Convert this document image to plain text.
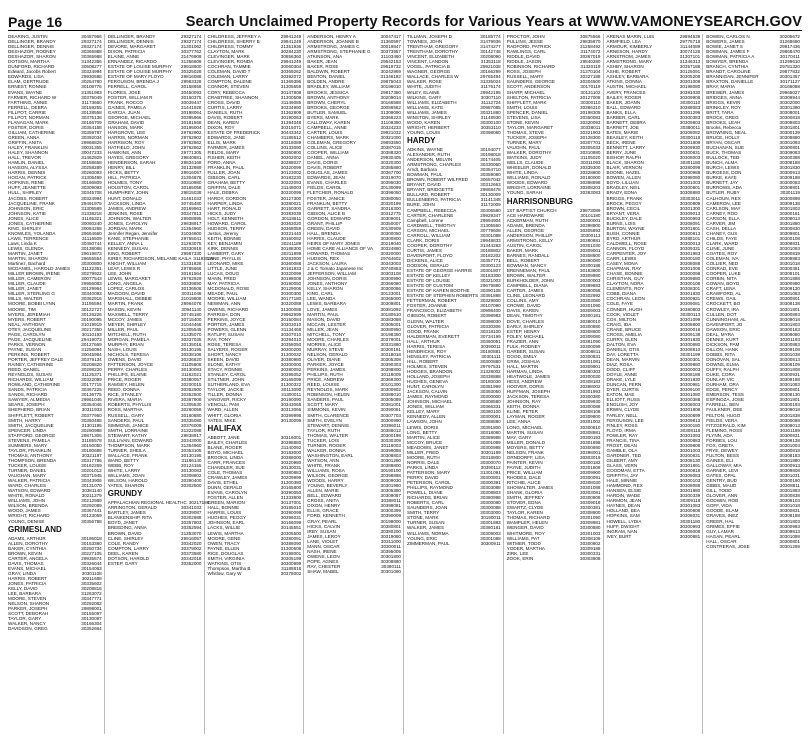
Page 16	Search Unclaimed Property Records for Various Years at WWW.VAMONEYSEARCH.GOV
DEARING, JUSTIN	30487966
DELLINGER, BRANDY	29327174
DELLINGER, DENNIS	29327174
DESHAZOR, RODNEY	30365988
DESHAZOR, SHARON	30365988
DOTSON, MARTHA	31342366
DUNFORD, RICHARD	30508277
Edward, Jacobs Robert	30324994
EDWARDS, LISA	29930598
ELAM, GERTRUDE	30254780
ERNEST, RONNIE	30108776
EVANS, WAYNE	31351983
FARMER, RICHARD W	30375049
FARTHING, ANNIE	31173660
FERRELL, DEBRA	30159255
FILLPOT, CARRIE	30128558
FILLPOT, NORMAN	30375138
FLANAGAN, MARK	30166709
FOSTER, DORIS	30354168
GILLIAM, CATHERINE	30359787
GREEN, ANNA	30392034
GRIFFIN, ANITA	29968829
HALEY, FRANKLIN	30031355
HALEY, SHANNON	30047233
HALL, TREVOR	31462929
HAMLIN, DANIEL	30158658
HANSON, ALYSSA	30258289
HARRIS, DENNIS	30260093
HOGAN, PATRICK	31305499
HOPKINS, RENE	30166809
HUFF, JEANETTE	30309093
HULL, SHIRLEY	30345708
JACOBS, ROBERT	30324994
JACQUELINE, FRANK	29491979
JOHNSON, ERIC	31305589
JOHNSON, KATIE	31338218
JONES, ALICE	31165321
JONES, CATHERINE	30060240
KING, SHIRLEY	30084268
KNOWLES, YOLANDA	29664660
LAWS, TERRENCE	31116509
Laws, Linda K	30450744
LEWIS, GLENDA	30138088
MARTIN, JANET	29619873
MARTIN, SHARON	29655554
Martinez, Bachard	30300800
MCDANIEL, HAROLD JAMES	31122351
MILLER BROWN, IRENE	30279922
MILLER, CAMERON	30077543
MILLER, CLAUDE	29956083
MILLER, JANET	30129964
MILLER, STERLING G	30340093
MILLS, WALTER	30362916
MOORE, BOBBI LYNN	31195594
MOORE, TIM	30122727
MYERS, JEREMIAH	30126226
MYERS, ROBERT	30190095
NEAL, ANTHONY	31019919
OTEY, JACQUELINE	30217350
PAGE, CAROLYN	30110193
PAGE, JACQUELINE	29419073
PARKS, VERNON	30127669
PAYNE, SUSAN	31256094
PERKINS, ROBERT	30045994
PORTER, JEFFREY DALE	30379134
RAINEY, CATHERINE	30208820
REED, DANIEL	30298220
REYNOLDS, SUSAN	31125371
RICHARDS, WILLIAM	30322099
ROWLAND, CATHERINE	30177715
SANDS, PATRICIA	30367225
SANDS, RICHARD	30136775
SAWYER, ALMEDIA	29961046
SEARS, JOSEPH	30354046
SHEPHERD, BRIAN	30311933
SHIFFLETT, ROBERT	30377950
SMITH, HARRY	30350488
SMITH, JACQUELINE	31301195
SPENCER, LINDA	30290988
STAFFORD, GEORGE	29871306
STEVENS, PAMELA	31185578
SUMMERS, MARY	30150050
TAYLOR, FRANKLIN	30190688
THOMAS, ANTHONY	30321197
THOMPSON, BRENDA	30317786
TUCKER, LOUISE	30162269
TURNER, DANIEL	30201012
VAUGHAN, MARY	30371945
WALKER, PATRICIA	30343906
WARD, CHARLES	30131070
WATSON, EDWARD	30381140
WHITE, RONALD	30211279
WILLIAMS, JOHN	30212989
WILSON, BRENDA	30292089
WOOD, JAMES	30367441
WRIGHT, RICHARD	30123059
YOUNG, DENISE	30356788
GRIMESLAND
ADAMS, ARTHUR	30186018
ALLEN, DOROTHY	30153380
BAKER, CYNTHIA	30250734
BROWN, KEVIN	30227105
CARTER, ANGELA	29935574
DAVIS, THOMAS	30326044
EVANS, MICHAEL	30154063
GRAY, LINDA	30301108
HARRIS, ROBERT	30211688
JONES, PATRICIA	30335602
KELLY, DAVID	30208816
LEE, BARBARA	31263072
MOORE, STEVEN	30347771
NELSON, SHARON	30292062
PARKER, JOSEPH	29898001
SCOTT, DEBORAH	30155097
TAYLOR, GARY	30130097
WALKER, NANCY	30166304
DAVIDSON, GREG	30352664
DELLINGER, BRANDY	29327174
DELLINGER, DENNIS	29327174
DEVORE, MARGARET	31301062
DIXON, PATRICIA	30377762
ELAINE, ANNE	31476909
ERNANDEZ, RICARDO	31356609
ESTATE OF LOUISE MURPHY 29918600
ESTATE OF LOUISE MURPHY 30325028
ESTATE OF MARY FLOYD	29816088
FERGUSON, BRENDA J	29963328
FERRELL, CAROL	30158658
FLORES, JOSE	30450093
FOSTER, WILLIAM R	30150375
FRANK, ROCCO	30039447
GAINES, PAMELA	31441928
GARCIA, JUAN	30198064
GEORGE, MICHAEL	30395966
GRAHAM, DAVID	30181568
HANSON, MARK	30195004
HARGROVE, LEE	29762902
HARRIS, NORMAN	29762902
HARRISON, ROY	29762862
HATFIELD, JOHN	29762862
HAWKINS, ANN	29771305
HAYES, GREGORY	29840881
HENDERSON, SARAH	29834168
HENRY, BILL	30132989
HICKS, BETTY	29916057
HILL, PATRICIA	31304878
HOLMES, TONY	30310980
HOUSTON, CAROL	30165058
HUMPHREY, JOHN	29815038
HUNT, DONALD	31461033
JACKSON, LINDA	30745480
JAMES, ANDREW	30169963
JENKINS, ROSE	30347813
JOHNSON, WALTER	29908995
JONES, CAROLYN	29838917
JORDAN, MARK	31354960
Jennifer Regan, Jennifer	31034600
KANE, STEPHANIE	29755041
KELLEY, ANNA L	31263075
KENNEDY, SUSAN	30330918
KING, ROBERT	29967330
KIRBY, RICHARDSON, MELANIE KAILA 31193039
KNIGHT, WILLIAM	31331828
LEAF, LEWIS R	29785666
LEE, JOHN	30161564
LEWIS, MARGARET	29762929
LONG, ANGELA	30339690
LOPEZ, CARLOS	30136508
MAGOON, DAVID	30311048
MARSHALL, DEBBIE	31019808
MARTIN, FRANK	29964076
MASON, KEVIN	30941140
MAXWELL, TERRY	30745180
MCCOY, JAMES	30715400
MEYER, SHIRLEY	31044468
MILLER, PAUL	31305545
MITCHELL, RUTH	31335070
MORGAN, PAMELA	30337035
MURPHY, BRIAN	30135016
NASH, LOUIS	30130195
NICHOLS, TERESA	30338108
OWENS, DAVID	30336820
PATTERSON, JOYCE	31105808
PERRY, CHARLES	30130083
PHILLIPS, ELAINE	31162021
PRICE, ROGER	30380057
RAMSEY, HELEN	30200015
REED, DONNA	30352500
RICE, STANLEY	30352500
RIVERA, MARIA	30367908
ROBERTS, PHYLLIS	31305530
ROSS, MARTHA	30260058
RUSSELL, GARY	30160880
SANDERS, PAUL	30335080
SIMMONS, JANICE	30376009
SMITH, LORRAINE	31322088
STEWART, KATHY	29838917
SULLIVAN, EDWARD	30343000
THOMPSON, MARK	31354960
TURNER, SHEILA	30353105
WALLACE, FRANK	30130195
WARD, BETTY	31166140
WEBB, ROY	30124155
WHITE, LARRY	30130083
WILLIAMS, JOAN	30308802
WILSON, HAROLD	30390400
YATES, SHARON	30302500
GRUNDY
APPALACHIAN REGIONAL HEALTHC 30217188
ARRINGTON, GERALD	30341033
BARTLEY, JAMES	30339087
BLANKENSHIP, RITA	30302988
BOYD, JANET	30357803
BREEDING, ANNA	30352594
BROWN, DAVID	31353070
CLINE, SHIRLEY	29916057
COLE, RANDY	30342020
COMPTON, LARRY	30379002
DEEL, KAREN	30373580
DOTSON, HAROLD	30342018
ESTEP, GARY	30352000
CHILDRESS, JEFFREY A	29941249
CHILDRESS, SHERRY B	29941249
CHILDRESS, TOMMY	31351936
CLAYTON, MARK	30284230
CLEVINGER, MARK	30856360
CLEVINGER, RONDA	29941249
COCHRAN, TAMMIE	30060304
COLEMAN, DAVID T	30369262
COLEMAN, LARRY	30392072
COMPTON, DALENE	31369396
CONNOR, STEVEN	31305559
CORY, REBECCA	30147808
CRABTREE, SHANNON	31300509
CROSS, DAVID	31149085
CURTIS, LARRY	30334990
DANIELS, RUTH	31362809
DAVIS, ROBERT	30190063
DEAN, KAREN	31394048
DIXON, ROY	30315071
ESTATE OF FREDERICK	30443342
EDWARDS, JANE	31185512
ELLIS, MARK	30318089
FARMER, JAMES	30133090
FIELDS, MARY	30350800
FISHER, KEITH	30302002
FORD, ANNA	30388027
FRANKLIN, PAUL	30320099
FULLER, JOAN	30123002
GIBSON, CARL	30183230
GRAHAM, BETTY	30322093
GRIFFIN, DALE	31148003
HALE, DEBRA	30320099
HARDY, GORDON	30127300
HARPER, LINDA	30380021
HART, RONALD	30150300
HICKS, JUDY	30383039
HOLT, KENNETH	30118811
HOWARD, CAROL	30363020
HUDSON, TERRY	30368059
Justus, Jeremy	30321440
KEITH, BONNIE	30150092
KEY, BENJAMIN	30241189
KIRK, DENNIS	30188300
LAMBERT, GARY	30211899
LANE, PHYLLIS	30283000
LEONARD, MIKE	30360088
LITTLE, JUNE	30181833
LUCAS, DOUG	30320099
MANN, FRED	30198008
MAY, PATRICIA	30190050
MCDONALD, ROSE	30129006
MEADE, PAUL	30300300
MOORE, WILLIAM	30177180
NEWMAN, ANN	30320088
OWENS, RICHARD	31300088
PARRISH, DON	29962999
PERKINS, JOYCE	30150084
PORTER, JAMES	30303010
POWERS, GLENN	31134468
RATLIFF, SUSAN	30307010
RAY, TONY	30394010
ROSE, TERESA	30358050
SALYERS, ROGER	30300200
SHORT, NANCY	31300032
SKEEN, DAVID	30380980
SLONE, KATHY	30300000
STACY, RONNIE	30380092
STANLEY, CAROL	30395052
STILTNER, JOHN	30165099
SUTHERLAND, EVA	31300322
TAYLOR, JACKIE	30113090
TILLER, DONNA	31300011
VANOVER, RICKY	30190090
VENCILL, PAM	30343066
WARD, ALLEN	30313066
WHITT, GLORIA	30399998
YATES, MIKE	30130099
HALIFAX
ABBOTT, JANE	30316001
BAILEY, CHARLES	30398880
BLANE, ROGER	31140092
BOYD, MICHAEL	30183000
BROOKS, LINDA	30388000
CARR, FRANCES	30320980
CHANDLER, SUE	30130031
COLE, THOMAS	30380883
CRAWLEY, JAMES	30209999
DAVIS, ETHEL	31300380
DUNN, GERALD	30165800
EVANS, CAROLYN	30390050
FOSTER, ALLEN	31333800
GREEN, MARION	30137001
HALL, BONNIE	30185010
HARRIS, LOUIS	30390099
HUGHES, PEGGY	30396031
JOHNSON, EARL	30166099
LACKS, WILLIE	30145551
LEWIS, MARTHA	30305500
MOORE, GENE	30380091
OWEN, TRACY	30388090
PAYNE, ELLEN	31300508
RICE, DOUGLAS	30198001
SMITH, VIRGINIA	30305199
WATKINS, OTIS	30300999
Thompson, Martha B	31188818
Whitlow, Gary W	30378002
ANDERSON, HENRY A	30047417
ANDERSON, JOANNE B	31360597
ARMSTRONG, JAMES C	30019847
ARMSTRONG, STEPHANIE G 30373957
ATKINSON, ANA	31103460
BAKER, JEAN	29542153
BAKER, ROSE	29619732
BALDWIN, ROBERT	30242969
BENTON, DANIEL	31346182
BOLDEN, ANDRE	29875043
BRADLEY, WILLIAM	30196010
BROOKS, JESSICA	29817380
BROWN, ANTHONY	30209014
BROWN, CHERYL	30166588
BROOKS, GEORGE	30086562
BUTLER, SAMUEL	31309090
BYERS, MARK	30366223
CALLOWAY, KAREN	31109380
CAMPBELL, ANNE	30324233
CARTER, LOUIS	29921032
CHAMBERS, MARK	30321000
COLEMAN, GREGORY	29893550
COLLINS, ALICE	30387015
COOPER, WILLIAM	30388320
DANIEL, ANNA	29930405
DAVIS, DORIS	30320300
DAVIS, ROBERT	30385880
DOUGLAS, JAMES	30367700
EDWARDS, JEAN	30319070
EVANS, CHARLES	30395030
FIELDS, CAROL	30130099
FLETCHER, RONALD	30396050
FOSTER, JANICE	30380050
FRANKLIN, BETTY	30320199
GARRETT, SANDRA	30316300
GIBSON, ALICE B	30312775
GORDON, EDWARD	30309001
GRANT, PHILLIP	30350007
GREEN, DAVID	30130909
HALL, BRENDA	30300050
HARRIS, CLAUDE	30300800
HEIRS OF MARY JONES	30218040
HOME CARE ALLIANCE OF VA 30324880
HOWARD, THOMAS	30320000
HUDSON, REX	29764602
JACKSON, LAURA	30343003
J & C Tomato Japanese Inc	30740853
JEFFERSON, WILLIAM	30303108
JOHNSON, DORIS	30300990
JONES, ANTHONY	30366080
KELLY, SHARON	30300086
KING, CARL	30123001
LEE, WANDA	30365000
LEWIS, BARBARA	30309801
LOVE, JAMES	30381092
MARTIN, PAUL	30180510
MASON, DAVID	30383088
MCCAIN, LESTER	30305001
MILLER, JEAN	30380950
MITCHELL, TONY	30198350
MOORE, CHARLES	30378001
MORRIS, ALICE	30331880
MURRAY, STEVE	30300191
NELSON, GERALD	30318018
OLIVER, DIANE	30305308
PARKER, JOYCE	30390303
PERKINS, JAMES	30398800
PHILLIPS, RUTH	30118009
PRICE, ANDREW	30369300
REED, LOUISE	30101300
REYNOLDS, MARK	30300902
ROBINSON, HELEN	30388010
SANDERS, PAUL	30305089
SCOTT, MARY	30381001
SIMMONS, KEVIN	30390081
SMITH, CLARENCE	30307703
SMITH, EVELYN	30300990
STEWART, DENNIS	30396011
TAYLOR, RUTH	30388012
THOMAS, WALTER	30300198
TUCKER, LOIS	30330309
TURNER, ROGER	30118003
WALKER, DONNA	30399088
WASHINGTON, EARL	30308803
WATSON, ANN	30301280
WHITE, FRANK	30388800
WILLIAMS, ROSA	30190100
WILSON, GEORGE	30398898
WOODS, HARRY	30309030
YOUNG, BEVERLY	30301980
ALLEN, MARIE	30305380
BELL, EDWARD	30309087
CROSS, ANITA	30388011
DIXON, HENRY	30398081
ELLIS, GRACE	30300399
FORD, KENNETH	30390009
GRAY, PEARL	30198000
HICKS, CALVIN	30380801
IRBY, SUSAN	30380200
JAMES, LEROY	30319080
LANE, VIOLET	30311000
MANN, OSCAR	30300011
NASH, IRENE	30395005
OWENS, LEON	30301800
POPE, AGNES	30308880
RAY, CHESTER	30380111
SHAW, MABEL	30301090
TILLMAN, JOSEPH D	30185774
TOWNES, JOHN	31479936
TRENTHAM, GREGORY	31474277
TRENTHAM, DOROTHY	30142748
VINCENT, ELIZABETH	30208090
VINCENT, LANDON	31353118
VOGEL, PATRICIA B	29921038
WAGNER, GEORGE	30166299
WALLACE, CHARLES W	29765494
WALKER, ROSE	31335024
WHITE, JUDITH	31175174
WILEY, ELAINE	29942195
WILKINS, GARY	30307110
WILLIAMS, ELIZABETH	31112724
WILLIAMS, KATE	30987085
WILLIAMS, JAMES	30321880
WINSTON, SHIRLEY	31148930
WOOD, KAREN	30300100
WRIGHT, HERBERT	30353110
YOUNG, LOUIS	30398080
HARDY
ADKINS, WAYNE	30194077
ALEXANDER, RUTH	30198018
ANDERSON, MELVIN	30174405
ARMSTRONG, CHARLES	30330060
Arndt, Barbara	30354710
BOWMAN, PAUL	30359080
BROWN, ROBERT WILFRED	30657042
BRYANT, DAVID	30312663
BRYANT, BRIDGETTE	29868478
BULLARD, ROBERT	30130009
BULLENBERG, PATRICIA	31141348
BURE, JOHN	31172009
CAMPBELL, REBECCA	30306580
CARTER, CHARLENE	29929347
Campbell, Lorene	29994904
CARDWELL, TIMOTHY	31305560
CARSON, MICHAEL	30779608
CARROLL, WILLIAM	30301088
CLARK, DORIS	29948833
COOPER, DOROTHY	31344283
CURTIS, JAMES	30188802
DAVENPORT, FLOYD	30182202
DICKENS, ALICE	30357771
DODSON, GERALD	30300123
ESTATE OF GEORGE HARRIS 30301807
ESTATE OF KELLEY	30183300
ESTATE OF LOUISE	30321003
ESTATE OF CUSTOM	29679880
ESTATE OF KAREN BOOTHE 30390108
ESTATE OF STEPHEN ROBERTS 30391888
FETTERMAN, ROBERT	30329800
FOSTER, JOANNE	30107090
FRANCISCO, ELIZABETH	30998400
GIBSON, ROBERT	30398983
GLENN, WALTER	30398030
GLOVER, PATRICIA	30330306
GOOD, FRANK	30318100
HALDERMAN, EVERETT	30734199
HALL, ARTHUR	30360051
HARRIS, TERESA	30390011
HENDRICKS, ROY	30180881
HENSLEY, PATRICIA	30301111
HILL, ROBERT	30300880
HOLMES, STEVEN	29797531
HODGES, BRANDON	31328002
HOLLAND, JOSEPH	30338888
HUGHES, GENEVA	30180030
HUNT, CAROLYN	30381999
JACKSON, CALVIN	30393050
JAMES, RAYMOND	30300000
JOHNSON, MICHAEL	30308580
JONES, WILLIAM	30366331
KELLEY, MARY	30380100
KENNEDY, ALLEN	30300001
LAWSON, JOHN	30388880
LEWIS, DORIS	30391800
LONG, BETTY	30318080
MARTIN, ALICE	30389988
MCCOY, BRUCE	30301099
MEADOWS, JANET	30300988
MILLER, FRED	30301199
MOORE, RUTH	30318800
NORRIS, DALE	30300070
PARKS, LINDA	30390112
PATTERSON, MARY	31301091
PERRY, DAVID	30300801
PETERSON, CAROL	30300391
PHILLIPS, RAYMOND	30303088
POWELL, DIANE	30308803
RICHARDS, BRIAN	30380998
ROBERTS, CARL	30300080
SAUNDERS, JOAN	30300088
SMITH, TERRY	30303000
STONE, MARK	30190011
TURNER, SUSAN	30301883
WALKER, JAMES	30380181
WILLIAMS, NORMA	30309003
YOUNG, ERIC	30301088
ZIMMERMAN, PAUL	30300911
PROCTOR, JOHN	30875566
PULLINS, JESSE	29835870
RADFORD, PATRICK	31258492
RAWLINGS, CARL	31174072
RIDDLE, DAVID	30367019
RIDDLE, JASON	29840280
ROBINSON, RICHARD	31320119
ROSS, JOSEPH	31370104
RUSSELL, MARY	30327188
SAUNDERS, GEORGE	30304500
SCOTT, ANDERSON	30170119
SHARP, MICHAEL	30131102
SHELTON, PATRICIA	30127008
SHIFFLETT, MARK	30300110
SMITH, LOUIS	30366310
SPENCER, DANIEL	30198305
STEVENS, LISA	30350083
STONE, KEVIN	30320093
TAYLOR, MARGARET	30338011
THOMAS, STEVE	30321903
TUCKER, JOSEPH	30128300
TURNER, MARY	30307701
VAUGHN, PAUL	30305033
WALKER, DOROTHY	30310880
WATKINS, JUDY	31105020
WELLS, CLAUDE	30311093
WHEELER, DONALD	30339300
WHITE, LINDA	30328800
WILLIAMS, RONALD	30180000
WOODS, EDWARD	30398898
WRIGHT, LORRAINE	30308203
YOUNG, SARAH	30363083
HARRISONBURG
1ST BAPTIST CHURCH	29873089
ACE HARDWARE	30101180
ACKERMAN, RUTH	30300001
ADAMS, BRENDA	30398800
ALLEN, GEORGE	30305893
ANDERSON, PHILLIP	30300113
ARMSTRONG, KELLY	30380881
AUSTIN, CAROL	30301030
BAKER, MARK	30309001
BARNES, RANDALL	30308800
BELL, ROBERT	30390080
BOWMAN, NANCY	30300188
BRENNEMAN, PAUL	30183800
BROWN, WALTER	30309980
BURKHOLDER, JOHN	30300003
CAMPBELL, DIANA	30389883
CARTER, JAMES	30380058
CLINE, LEONARD	30302992
COLLINS, AMY	30303080
CROWE, DAVID	30301090
DAVIS, KAREN	30309003
DEAN, TIMOTHY	30300181
DOVE, CHARLES	30380010
EARLY, SHIRLEY	30300880
ESTEP, HENRY	30308800
FOLEY, MICHAEL	30309080
FRAZIER, ANN	30381090
FULK, RODNEY	30300099
GARBER, SUSAN	30308811
GOOD, EMILY	30300831
GRIM, JOSHUA	30301081
HALL, MARTIN	30309801
HARMAN, LINDA	30380303
HEATWOLE, JAMES	30300030
HESS, ANDREW	30308183
HOOVER, DORIS	30398002
HUFFMAN, JOSEPH	30301993
JACKSON, TERESA	30300380
JOHNSON, RAY	30309930
KEITH, DONNA	30300088
KLINE, PETER	30308108
LAYMAN, ROGER	30309800
LEE, ANNA	30301002
LONG, MICHAEL	30300810
MARTIN, SUSAN	30308881
MAY, GARY	30300193
MILLER, DONALD	30301898
MOYERS, BETTY	30300890
NELSON, FRANK	30398001
ORNDORFF, LISA	30303019
PAINTER, KEVIN	30300182
PAYNE, JUDITH	30301808
PRICE, WILLIAM	30309900
RHODES, DALE	30300091
RITCHIE, ALICE	30308030
SHOWALTER, JAMES	30301088
SHANK, GLORIA	30303081
SMITH, JEFFREY	30300808
STOVER, EDNA	30309018
SWARTZ, CLYDE	30300381
TAYLOR, KAREN	30308800
THOMAS, RICHARD	30301090
WAMPLER, HELEN	30309981
WENGER, DAVID	30300880
WHITMORE, ROY	30301003
WILLIAMS, PAT	30308109
WITMER, TODD	30300802
YODER, MARTHA	30309188
ZIRK, LEE	30300331
ZOOK, ERIN	30303808
ARENAS MARIN, LUIS	29894539
ARMFIELD, LEA	29775718
ARMOUR, KIMBERLY	31144089
ARNESON, HARDY	30074126
ARNSTROM, JAMES	31307101
ARMSTRONG, MARY	31346313
ASHBY, SHARON	30357188
ASHE, ROBERT	30125091
ASHLEY, BARBARA	30305208
ATKINS, DONNA	30301008
AUSTIN, MICHAEL	30198080
AVERY, FRANCES	30381030
BAILEY, ROGER	30309908
BAKER, JOANN	30300110
BALL, EDWARD	30388083
BANKS, ELLA	30301299
BARBER, CARL	30300383
BARNETT, DEBRA	30309803
BARRETT, JOE	30380011
BATES, MARIE	30308082
BEASLEY, KEITH	30300118
BECK, IRENE	30301808
BENNETT, LARRY	30309930
BERRY, JUNE	30300831
BISHOP, RALPH	30308003
BLACK, SHARON	30301180
BLAIR, VERNON	30380099
BOONE, HAZEL	30300988
BOWEN, ALLEN	30398080
BOYD, LILLIAN	30301003
BRADLEY, NEIL	30300801
BRADY, EDNA	30308880
BRIGGS, FRANK	30303011
BROCK, PEGGY	30300809
BROWN, CECIL	30301300
BRYANT, VERA	30309013
BUCKLEY, DALE	30300993
BURNS, LOIS	30308091
BURTON, WAYNE	30301801
BUSH, CONNIE	30300813
BYRD, ARTHUR	30388101
CALDWELL, ROSE	30300013
CANNON, FLOYD	30309331
CARPENTER, JOY	30301983
CARR, LEWIS	30300180
CASEY, MONA	30308088
CHAPMAN, RAY	30301008
CHASE, BONNIE	30300098
CHRISTIAN, GUY	30309880
CLAYTON, NORA	30300108
CLEMENTS, ROY	30308301
COBB, DIANA	30301830
COCHRAN, LEON	30300931
COLE, FAYE	30309081
CONNER, HUGH	30380803
COOK, VIOLET	30300113
COX, MILTON	30301099
CRAIG, IDA	30308800
CRANE, BRUCE	30300018
CROSS, AMELIA	30309138
CURRY, GLEN	30301830
DALTON, EVA	30300880
DANIELS, OTIS	30308810
DAY, LORETTA	30301199
DEAN, MARVIN	30300301
DIAZ, ROSA	30309880
DODD, CLIFF	30300003
DOYLE, ANNE	30308188
DRAKE, LYLE	30301830
DUNCAN, FERN	30300981
DYER, CURTIS	30309100
EATON, MAE	30301080
ELLIOTT, RUSS	30300388
ENGLISH, JOY	30308003
ERWIN, CLYDE	30301808
FARLEY, NELL	30300899
FERGUSON, LEE	30309813
FINLEY, ROSS	30300180
FLOYD, IRMA	30308118
FOWLER, RAY	30301093
FRANCIS, TINA	30300883
FROST, DEAN	30309808
GAMBLE, OLA	30301003
GARDNER, TED	30300831
GILBERT, AMY	30308130
GLASS, VERN	30301891
GOODMAN, ETTA	30300818
GRIFFITH, JAY	30309083
HALE, MINNIE	30300103
HAMMOND, REX	30308088
HANSEN, ELSIE	30301880
HARDIN, WADE	30300339
HARMON, JEAN	30309118
HAYNES, DEAN	30301083
HOLLAND, BEA	30300808
HOPKINS, SAM	30308031
HOWELL, LYDIA	30301180
HUFF, DWIGHT	30300993
INGRAM, NAN	30309008
IVEY, BURT	30300881
BOWEN, CARLOS N	30205672
BOWERS, JAMES	31268680
BOWIE, JANET S	29917436
BOWMAN, JAMES F	29868470
BOWMAN, PATRICIA A	30170411
BOWYER, BRENDA	31299610
BRANCH, CYNTHIA	29781320
BRANDT, CAROLINE	29877832
BRANNIGAN, JENNIFER	30301357
BRAXTON, DANIELLE	30171127
BRAY, MARIA	30166088
BREWER, JAMES	29965027
BRIDGES, ANNA	30309944
BRIGGS, KEVIN	30302000
BRINKLEY, ROY	30301380
BRITT, TARA	30308001
BROCK, GREG	30300818
BROOKS, LEAH	30309803
Brooks, Rebecca	30301801
BROWNING, NEAL	30300139
BRUCE, HOLLY	30308880
BRYAN, OSCAR	30301093
BUCHANAN, SUE	30300801
BUCK, THOMAS	30309083
BULLOCK, TED	30300388
BUNCH, ALMA	30308188
BURCH, LEWIS	30301830
BURGESS, DON	30300913
BURKE, KAYE	30309188
BURNETT, JAY	30300083
BURROWS, ADA	30308801
BUTLER, RUBY	30301119
CALHOUN, REX	30300898
CAMERON, LEE	30309138
CARLSON, MAY	30301803
CARNEY, ROD	30300181
CARSON, ELLA	30308013
CARVER, JIM	30301880
CASH, DELLA	30300830
CHANEY, GUS	30309801
CHILDS, FAYE	30300108
CLARK, WARD	30308831
CLINE, JUNE	30301093
COATES, ROY	30300819
COLEMAN, IVA	30309883
COLLIER, NED	30301018
CONRAD, EVE	30300381
COOPER, LUKE	30308101
CORBIN, NITA	30301888
COWAN, BOYD	30300980
CRAFT, LENA	30309130
CRAWFORD, AL	30301083
CREWS, GAIL	30300801
CROCKETT, BO	30308138
CROWLEY, IRA	30301801
CULLEN, DOT	30300893
CUNNINGHAM, AL	30309018
DAVENPORT, JO	30301803
DAWSON, ERIC	30300183
DEAL, MYRA	30308080
DENNIS, KURT	30301193
DICKSON, PAM	30300883
DILLON, HANK	30309108
DOBBS, RITA	30301038
DONOVAN, SAL	30300813
DOWNS, ELMA	30308109
DUFFY, RALPH	30301808
DUKE, CORA	30300931
DUNLAP, VIC	30309188
DURHAM, ORA	30301083
EDGE, PERCY	30300801
EMERSON, TESS	30308130
ESPINOZA, JOSE	30301801
FARRELL, BEN	30300193
FAULKNER, DEE	30309018
FELTON, HUGO	30301838
FIELDS, VERA	30300088
FITZGERALD, KIM	30308013
FLEMING, ROSS	30301189
FLYNN, ADA	30300831
FORBES, LOU	30309138
FOX, GRETA	30301003
FRYE, DEWEY	30300818
FULTON, BESS	30308183
GAINES, ELI	30301880
GALLOWAY, MIA	30300913
GARNER, LEVI	30309808
GATES, OPAL	30301031
GENTRY, BUD	30300180
GIBBS, MAUD	30308811
GILL, TODD	30301893
GLOVER, ANN	30300838
GODWIN, ROB	30309103
GOFF, VIDA	30301018
GOODE, ELAM	30300831
GRAVES, INEZ	30308188
GREER, HAL	30301803
GRIMES, EFFIE	30300993
GUY, LAMAR	30309813
HAGAN, PEARL	30301088
HALL, OSCAR	30300801
CONTRERAS, JOSE	30301269
